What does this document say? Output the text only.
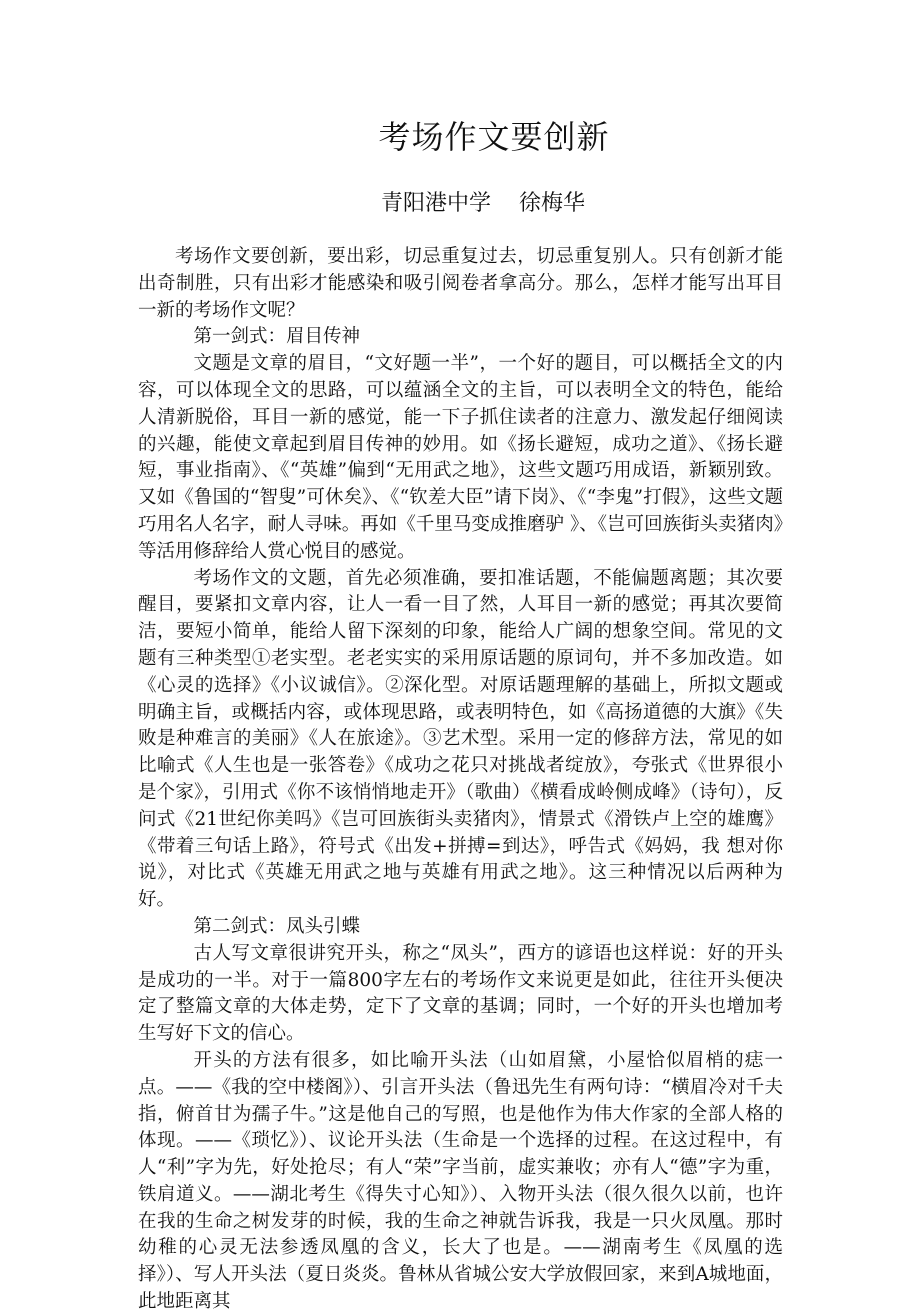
考场作文要创新
青阳港中学    徐梅华

考场作文要创新，要出彩，切忌重复过去，切忌重复别人。只有创新才能出奇制胜，只有出彩才能感染和吸引阅卷者拿高分。那么，怎样才能写出耳目一新的考场作文呢？

第一剑式：眉目传神

文题是文章的眉目，“文好题一半”，一个好的题目，可以概括全文的内容，可以体现全文的思路，可以蕴涵全文的主旨，可以表明全文的特色，能给人清新脱俗，耳目一新的感觉，能一下子抓住读者的注意力、激发起仔细阅读的兴趣，能使文章起到眉目传神的妙用。如《扬长避短，成功之道》、《扬长避短，事业指南》、《“英雄”偏到“无用武之地》，这些文题巧用成语，新颖别致。又如《鲁国的“智叟”可休矣》、《“钦差大臣”请下岗》、《“李鬼”打假》，这些文题巧用名人名字，耐人寻味。再如《千里马变成推磨驴 》、《岂可回族街头卖猪肉》等活用修辞给人赏心悦目的感觉。

考场作文的文题，首先必须准确，要扣准话题，不能偏题离题；其次要醒目，要紧扣文章内容，让人一看一目了然，人耳目一新的感觉；再其次要简洁，要短小简单，能给人留下深刻的印象，能给人广阔的想象空间。常见的文题有三种类型①老实型。老老实实的采用原话题的原词句，并不多加改造。如《心灵的选择》《小议诚信》。②深化型。对原话题理解的基础上，所拟文题或明确主旨，或概括内容，或体现思路，或表明特色，如《高扬道德的大旗》《失败是种难言的美丽》《人在旅途》。③艺术型。采用一定的修辞方法，常见的如比喻式《人生也是一张答卷》《成功之花只对挑战者绽放》，夸张式《世界很小是个家》，引用式《你不该悄悄地走开》（歌曲）《横看成岭侧成峰》（诗句），反问式《21世纪你美吗》《岂可回族街头卖猪肉》，情景式《滑铁卢上空的雄鹰》《带着三句话上路》，符号式《出发+拼搏=到达》，呼告式《妈妈，我 想对你说》，对比式《英雄无用武之地与英雄有用武之地》。这三种情况以后两种为好。

第二剑式：凤头引蝶

古人写文章很讲究开头，称之“凤头”，西方的谚语也这样说：好的开头是成功的一半。对于一篇800字左右的考场作文来说更是如此，往往开头便决定了整篇文章的大体走势，定下了文章的基调；同时，一个好的开头也增加考生写好下文的信心。

开头的方法有很多，如比喻开头法（山如眉黛，小屋恰似眉梢的痣一点。——《我的空中楼阁》）、引言开头法（鲁迅先生有两句诗：“横眉冷对千夫指，俯首甘为孺子牛。”这是他自己的写照，也是他作为伟大作家的全部人格的体现。——《琐忆》）、议论开头法（生命是一个选择的过程。在这过程中，有人“利”字为先，好处抢尽；有人“荣”字当前，虚实兼收；亦有人“德”字为重，铁肩道义。——湖北考生《得失寸心知》）、入物开头法（很久很久以前，也许在我的生命之树发芽的时候，我的生命之神就告诉我，我是一只火凤凰。那时幼稚的心灵无法参透凤凰的含义，长大了也是。——湖南考生《凤凰的选择》）、写人开头法（夏日炎炎。鲁林从省城公安大学放假回家，来到A城地面，此地距离其
